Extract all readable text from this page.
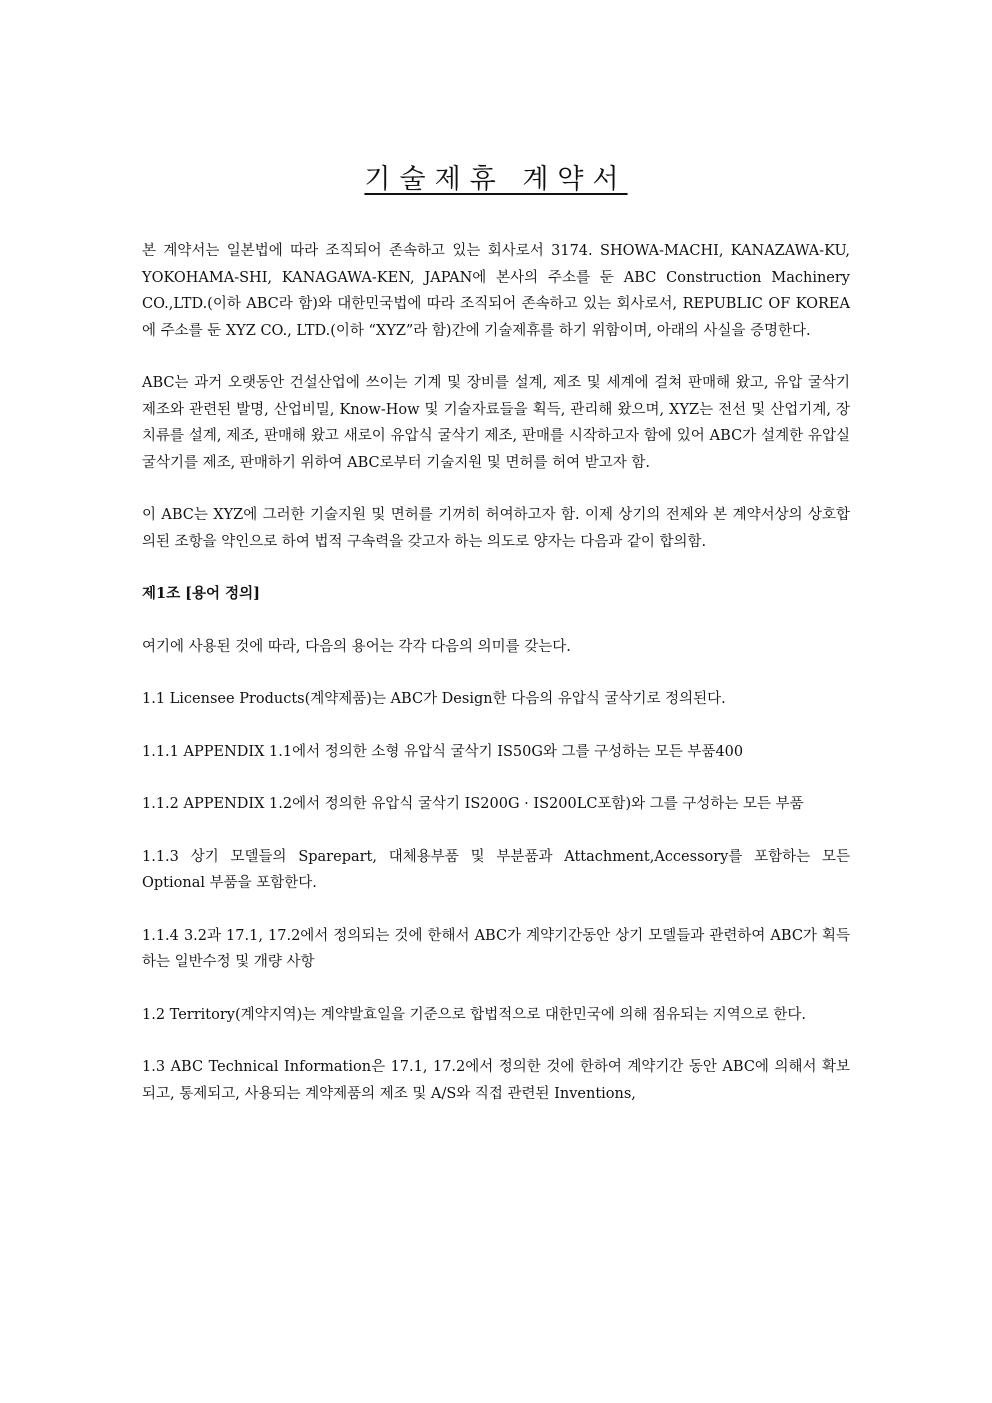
기술제휴 계약서

본 계약서는 일본법에 따라 조직되어 존속하고 있는 회사로서 3174. SHOWA-MACHI, KANAZAWA-KU, YOKOHAMA-SHI, KANAGAWA-KEN, JAPAN에 본사의 주소를 둔 ABC Construction Machinery CO.,LTD.(이하 ABC라 함)와 대한민국법에 따라 조직되어 존속하고 있는 회사로서, REPUBLIC OF KOREA에 주소를 둔 XYZ CO., LTD.(이하 “XYZ”라 함)간에 기술제휴를 하기 위함이며, 아래의 사실을 증명한다.

ABC는 과거 오랫동안 건설산업에 쓰이는 기계 및 장비를 설계, 제조 및 세계에 걸쳐 판매해 왔고, 유압 굴삭기 제조와 관련된 발명, 산업비밀, Know-How 및 기술자료들을 획득, 관리해 왔으며, XYZ는 전선 및 산업기계, 장치류를 설계, 제조, 판매해 왔고 새로이 유압식 굴삭기 제조, 판매를 시작하고자 함에 있어 ABC가 설계한 유압실 굴삭기를 제조, 판매하기 위하여 ABC로부터 기술지원 및 면허를 허여 받고자 함.

이 ABC는 XYZ에 그러한 기술지원 및 면허를 기꺼히 허여하고자 함. 이제 상기의 전제와 본 계약서상의 상호합의된 조항을 약인으로 하여 법적 구속력을 갖고자 하는 의도로 양자는 다음과 같이 합의함.

제1조 [용어 정의]

여기에 사용된 것에 따라, 다음의 용어는 각각 다음의 의미를 갖는다.

1.1 Licensee Products(계약제품)는 ABC가 Design한 다음의 유압식 굴삭기로 정의된다.

1.1.1 APPENDIX 1.1에서 정의한 소형 유압식 굴삭기 IS50G와 그를 구성하는 모든 부품400

1.1.2 APPENDIX 1.2에서 정의한 유압식 굴삭기 IS200G · IS200LC포함)와 그를 구성하는 모든 부품

1.1.3 상기 모델들의 Sparepart, 대체용부품 및 부분품과 Attachment,Accessory를 포함하는 모든 Optional 부품을 포함한다.

1.1.4 3.2과 17.1, 17.2에서 정의되는 것에 한해서 ABC가 계약기간동안 상기 모델들과 관련하여 ABC가 획득하는 일반수정 및 개량 사항

1.2 Territory(계약지역)는 계약발효일을 기준으로 합법적으로 대한민국에 의해 점유되는 지역으로 한다.

1.3 ABC Technical Information은 17.1, 17.2에서 정의한 것에 한하여 계약기간 동안 ABC에 의해서 확보되고, 통제되고, 사용되는 계약제품의 제조 및 A/S와 직접 관련된 Inventions,
